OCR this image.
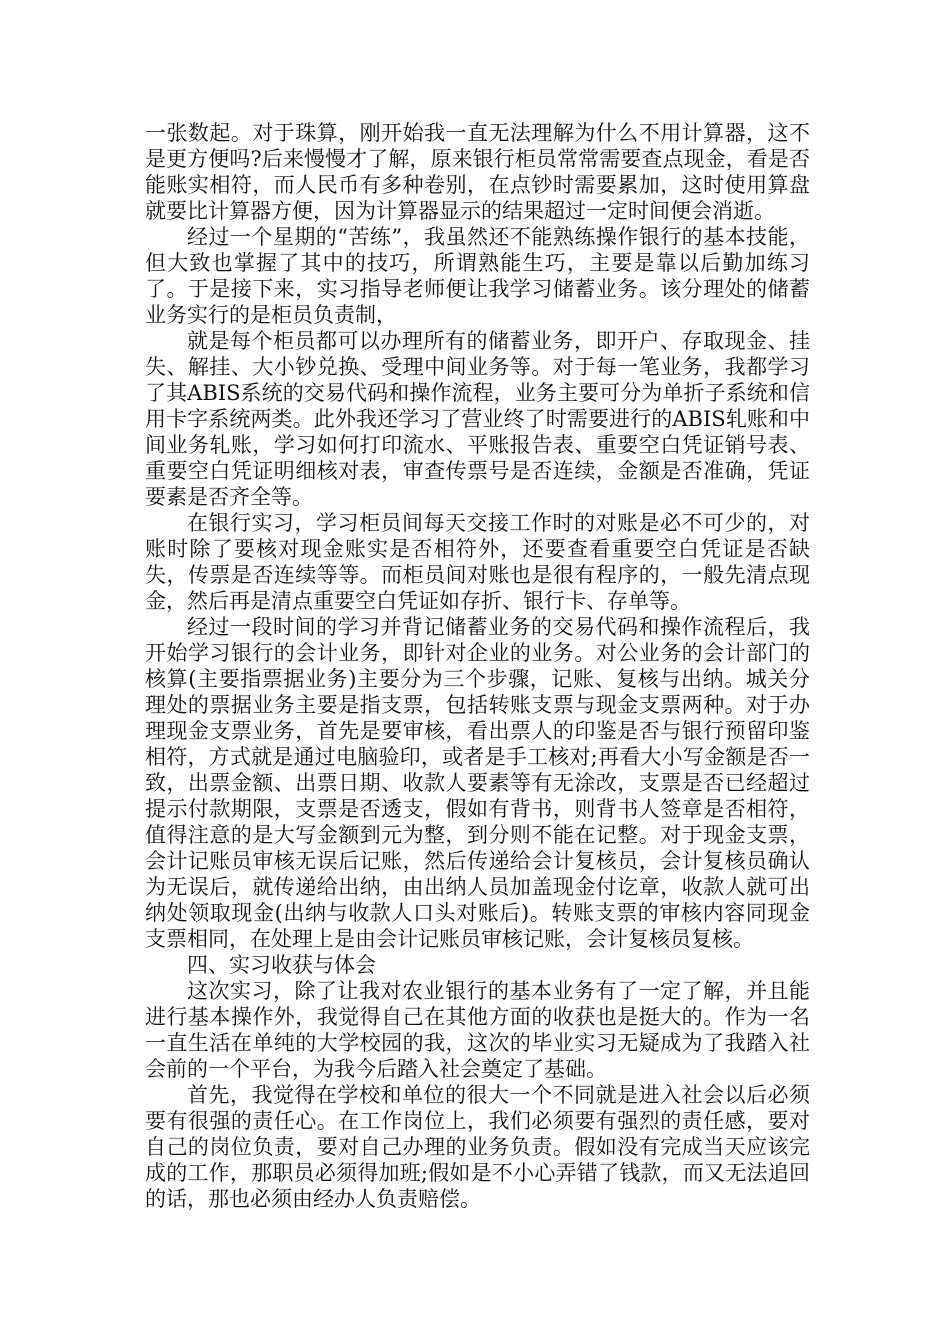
一张数起。对于珠算，刚开始我一直无法理解为什么不用计算器，这不是更方便吗?后来慢慢才了解，原来银行柜员常常需要查点现金，看是否能账实相符，而人民币有多种卷别，在点钞时需要累加，这时使用算盘就要比计算器方便，因为计算器显示的结果超过一定时间便会消逝。

经过一个星期的“苦练”，我虽然还不能熟练操作银行的基本技能，但大致也掌握了其中的技巧，所谓熟能生巧，主要是靠以后勤加练习了。于是接下来，实习指导老师便让我学习储蓄业务。该分理处的储蓄业务实行的是柜员负责制，

就是每个柜员都可以办理所有的储蓄业务，即开户、存取现金、挂失、解挂、大小钞兑换、受理中间业务等。对于每一笔业务，我都学习了其ABIS系统的交易代码和操作流程，业务主要可分为单折子系统和信用卡字系统两类。此外我还学习了营业终了时需要进行的ABIS轧账和中间业务轧账，学习如何打印流水、平账报告表、重要空白凭证销号表、重要空白凭证明细核对表，审查传票号是否连续，金额是否准确，凭证要素是否齐全等。

在银行实习，学习柜员间每天交接工作时的对账是必不可少的，对账时除了要核对现金账实是否相符外，还要查看重要空白凭证是否缺失，传票是否连续等等。而柜员间对账也是很有程序的，一般先清点现金，然后再是清点重要空白凭证如存折、银行卡、存单等。

经过一段时间的学习并背记储蓄业务的交易代码和操作流程后，我开始学习银行的会计业务，即针对企业的业务。对公业务的会计部门的核算(主要指票据业务)主要分为三个步骤，记账、复核与出纳。城关分理处的票据业务主要是指支票，包括转账支票与现金支票两种。对于办理现金支票业务，首先是要审核，看出票人的印鉴是否与银行预留印鉴相符，方式就是通过电脑验印，或者是手工核对;再看大小写金额是否一致，出票金额、出票日期、收款人要素等有无涂改，支票是否已经超过提示付款期限，支票是否透支，假如有背书，则背书人签章是否相符，值得注意的是大写金额到元为整，到分则不能在记整。对于现金支票，会计记账员审核无误后记账，然后传递给会计复核员，会计复核员确认为无误后，就传递给出纳，由出纳人员加盖现金付讫章，收款人就可出纳处领取现金(出纳与收款人口头对账后)。转账支票的审核内容同现金支票相同，在处理上是由会计记账员审核记账，会计复核员复核。

四、实习收获与体会

这次实习，除了让我对农业银行的基本业务有了一定了解，并且能进行基本操作外，我觉得自己在其他方面的收获也是挺大的。作为一名一直生活在单纯的大学校园的我，这次的毕业实习无疑成为了我踏入社会前的一个平台，为我今后踏入社会奠定了基础。

首先，我觉得在学校和单位的很大一个不同就是进入社会以后必须要有很强的责任心。在工作岗位上，我们必须要有强烈的责任感，要对自己的岗位负责，要对自己办理的业务负责。假如没有完成当天应该完成的工作，那职员必须得加班;假如是不小心弄错了钱款，而又无法追回的话，那也必须由经办人负责赔偿。
